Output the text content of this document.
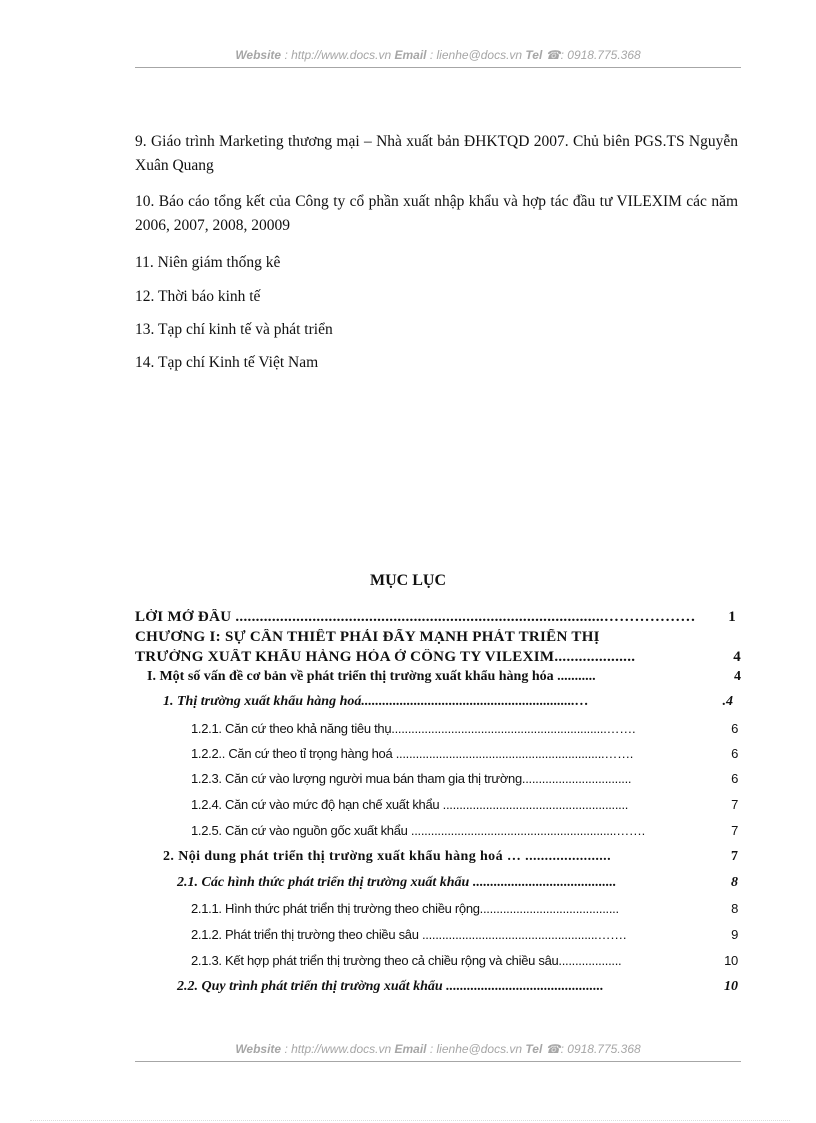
Website : http://www.docs.vn Email : lienhe@docs.vn Tel ☎: 0918.775.368
9. Giáo trình Marketing thương mại – Nhà xuất bản ĐHKTQD 2007. Chủ biên PGS.TS Nguyễn Xuân Quang
10. Báo cáo tổng kết của Công ty cổ phần xuất nhập khẩu và hợp tác đầu tư VILEXIM các năm 2006, 2007, 2008, 20009
11. Niên giám thống kê
12. Thời báo kinh tế
13. Tạp chí kinh tế và phát triển
14. Tạp chí Kinh tế Việt Nam
MỤC LỤC
LỜI MỞ ĐẦU ...........................................................................................……………… 1
CHƯƠNG I: SỰ CẦN THIẾT PHẢI ĐẨY MẠNH PHÁT TRIỂN THỊ
TRƯỜNG XUẤT KHẨU HÀNG HÓA Ở CÔNG TY VILEXIM....................	4
I. Một số vấn đề cơ bản về phát triển thị trường xuất khẩu hàng hóa ...........	4
1. Thị trường xuất khẩu hàng hoá.............................................................…	.4
1.2.1. Căn cứ theo khả năng tiêu thụ.................................................................…….	6
1.2.2.. Căn cứ theo tỉ trọng hàng hoá ...............................................................…….	6
1.2.3. Căn cứ vào lượng người mua bán tham gia thị trường.................................	6
1.2.4. Căn cứ vào mức độ hạn chế xuất khẩu ........................................................	7
1.2.5. Căn cứ vào nguồn gốc xuất khẩu ..............................................................…….	7
2. Nội dung phát triển thị trường xuất khẩu hàng hoá … ......................	7
2.1. Các hình thức phát triển thị trường xuất khẩu .........................................	8
2.1.1. Hình thức phát triển thị trường theo chiều rộng..........................................	8
2.1.2. Phát triển thị trường theo chiều sâu .....................................................…….	9
2.1.3. Kết hợp phát triển thị trường theo cả chiều rộng và chiều sâu...................	10
2.2. Quy trình phát triển thị trường xuất khẩu .............................................	10
Website : http://www.docs.vn Email : lienhe@docs.vn Tel ☎: 0918.775.368
